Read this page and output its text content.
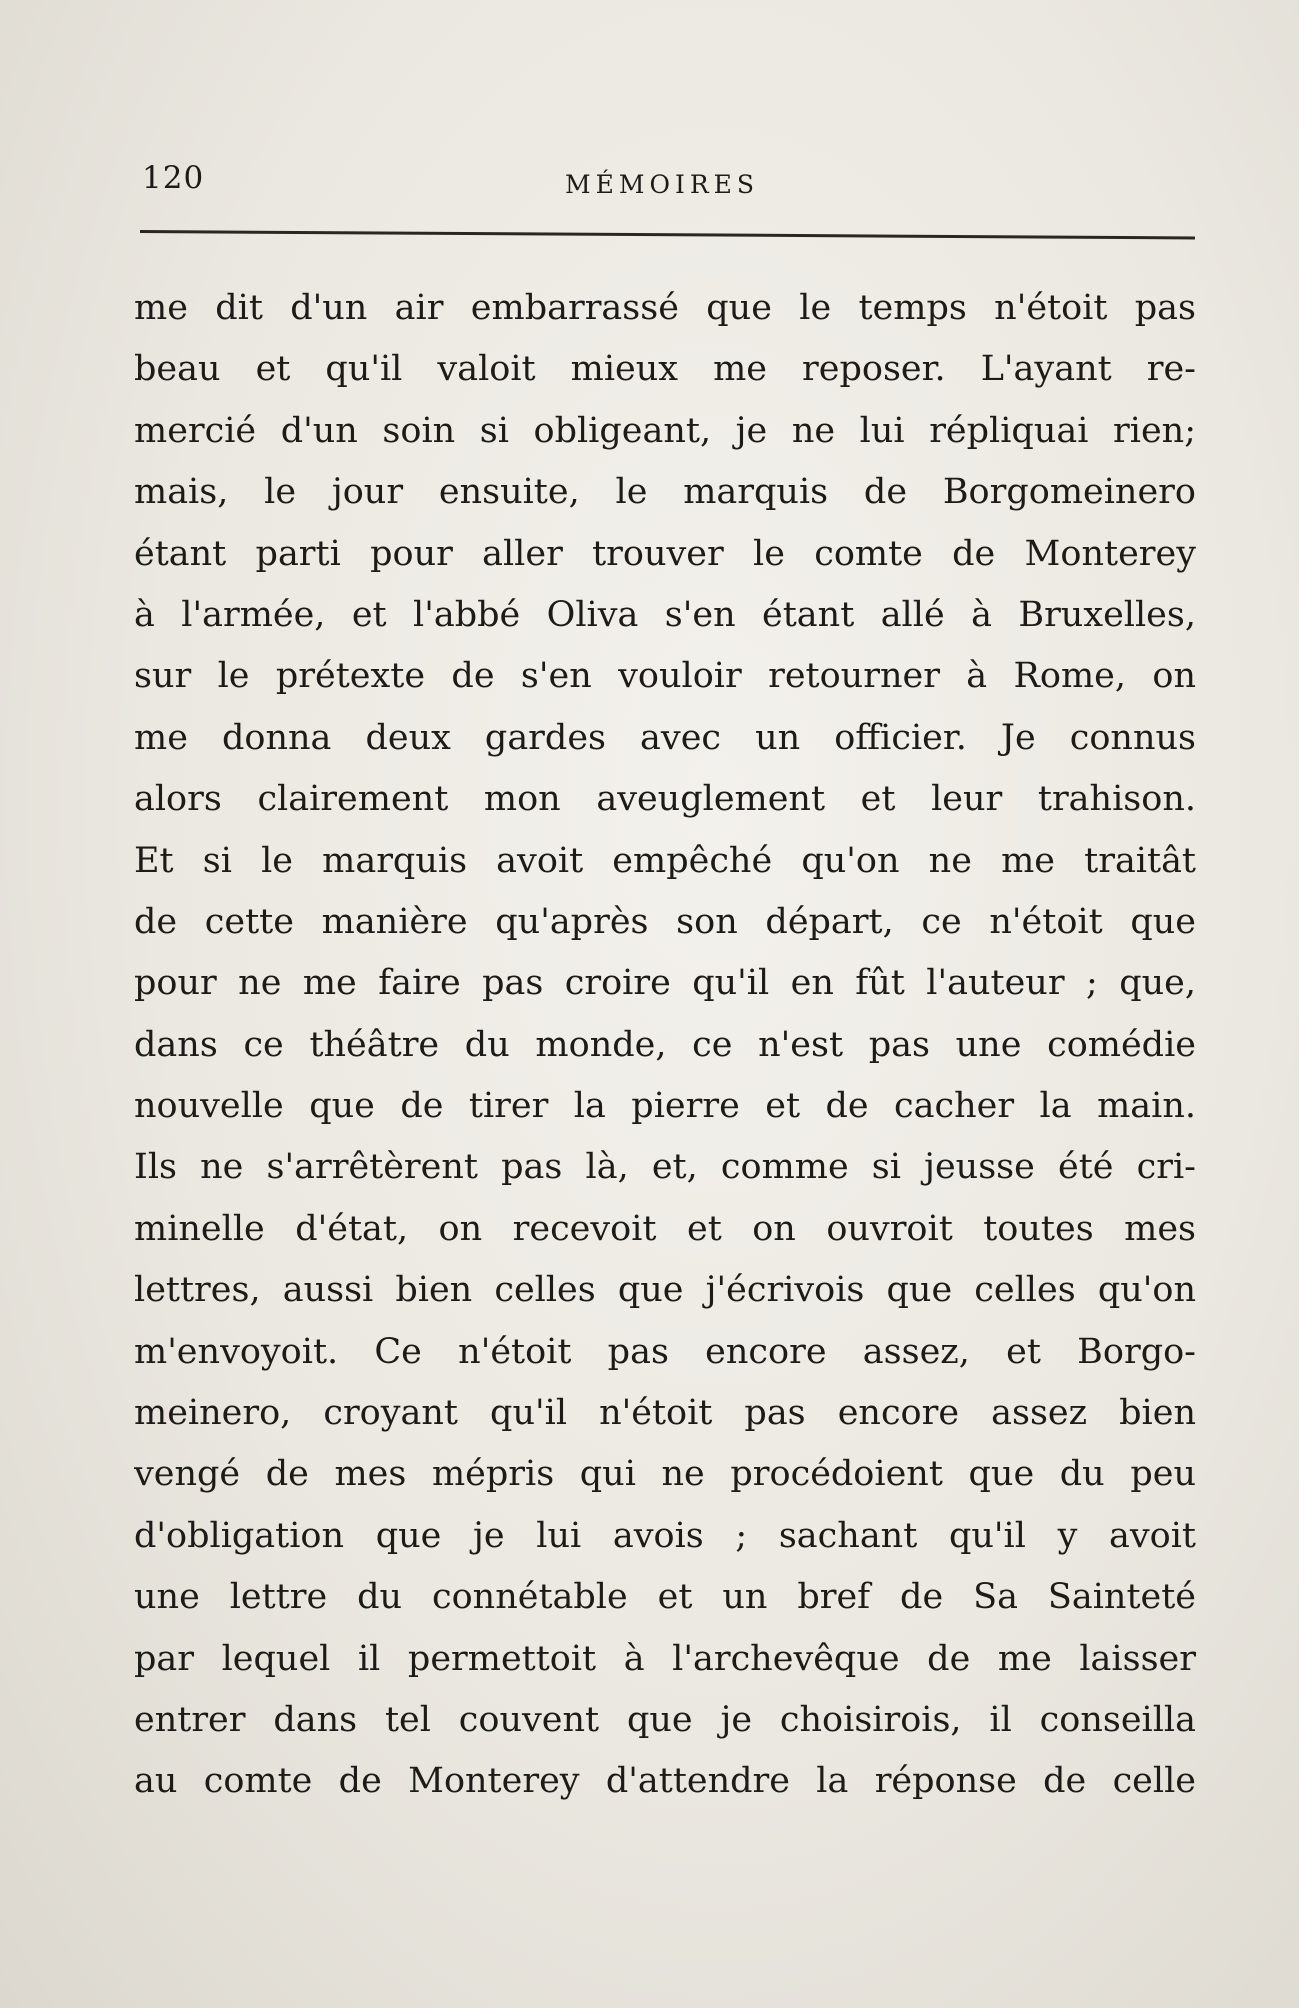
120	MÉMOIRES
me dit d'un air embarrassé que le temps n'étoit pas
beau et qu'il valoit mieux me reposer. L'ayant re-
mercié d'un soin si obligeant, je ne lui répliquai rien;
mais, le jour ensuite, le marquis de Borgomeinero
étant parti pour aller trouver le comte de Monterey
à l'armée, et l'abbé Oliva s'en étant allé à Bruxelles,
sur le prétexte de s'en vouloir retourner à Rome, on
me donna deux gardes avec un officier. Je connus
alors clairement mon aveuglement et leur trahison.
Et si le marquis avoit empêché qu'on ne me traitât
de cette manière qu'après son départ, ce n'étoit que
pour ne me faire pas croire qu'il en fût l'auteur ; que,
dans ce théâtre du monde, ce n'est pas une comédie
nouvelle que de tirer la pierre et de cacher la main.
Ils ne s'arrêtèrent pas là, et, comme si jeusse été cri-
minelle d'état, on recevoit et on ouvroit toutes mes
lettres, aussi bien celles que j'écrivois que celles qu'on
m'envoyoit. Ce n'étoit pas encore assez, et Borgo-
meinero, croyant qu'il n'étoit pas encore assez bien
vengé de mes mépris qui ne procédoient que du peu
d'obligation que je lui avois ; sachant qu'il y avoit
une lettre du connétable et un bref de Sa Sainteté
par lequel il permettoit à l'archevêque de me laisser
entrer dans tel couvent que je choisirois, il conseilla
au comte de Monterey d'attendre la réponse de celle
